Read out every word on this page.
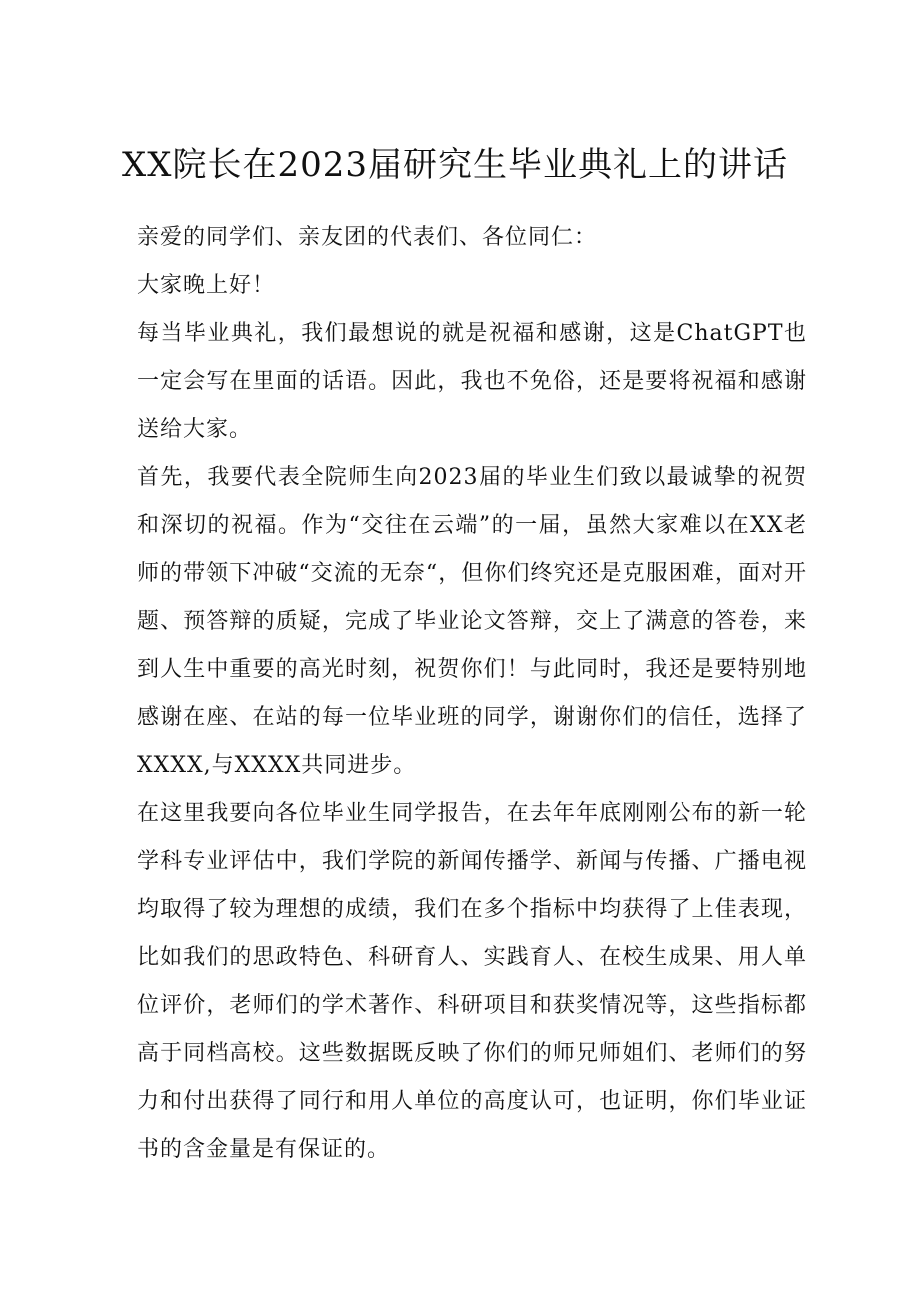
XX院长在2023届研究生毕业典礼上的讲话

亲爱的同学们、亲友团的代表们、各位同仁：

大家晚上好！

每当毕业典礼，我们最想说的就是祝福和感谢，这是ChatGPT也一定会写在里面的话语。因此，我也不免俗，还是要将祝福和感谢送给大家。

首先，我要代表全院师生向2023届的毕业生们致以最诚挚的祝贺和深切的祝福。作为“交往在云端”的一届，虽然大家难以在XX老师的带领下冲破“交流的无奈“，但你们终究还是克服困难，面对开题、预答辩的质疑，完成了毕业论文答辩，交上了满意的答卷，来到人生中重要的高光时刻，祝贺你们！与此同时，我还是要特别地感谢在座、在站的每一位毕业班的同学，谢谢你们的信任，选择了XXXX,与XXXX共同进步。

在这里我要向各位毕业生同学报告，在去年年底刚刚公布的新一轮学科专业评估中，我们学院的新闻传播学、新闻与传播、广播电视均取得了较为理想的成绩，我们在多个指标中均获得了上佳表现，比如我们的思政特色、科研育人、实践育人、在校生成果、用人单位评价，老师们的学术著作、科研项目和获奖情况等，这些指标都高于同档高校。这些数据既反映了你们的师兄师姐们、老师们的努力和付出获得了同行和用人单位的高度认可，也证明，你们毕业证书的含金量是有保证的。
